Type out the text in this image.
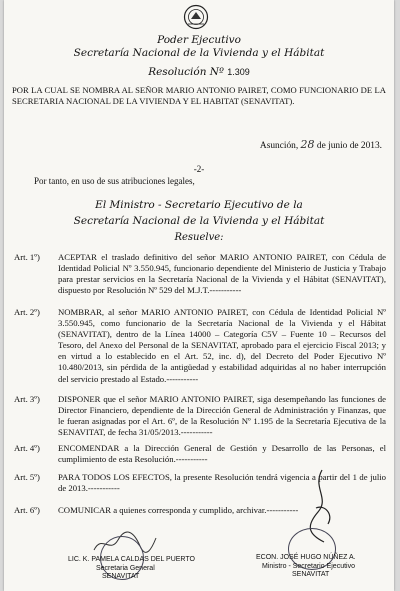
Poder Ejecutivo
Secretaría Nacional de la Vivienda y el Hábitat
Resolución Nº 1.309
POR LA CUAL SE NOMBRA AL SEÑOR MARIO ANTONIO PAIRET, COMO FUNCIONARIO DE LA SECRETARIA NACIONAL DE LA VIVIENDA Y EL HABITAT (SENAVITAT).
Asunción, 28 de junio de 2013.
-2-
Por tanto, en uso de sus atribuciones legales,
El Ministro - Secretario Ejecutivo de la
Secretaría Nacional de la Vivienda y el Hábitat
Resuelve:
Art. 1º)	ACEPTAR el traslado definitivo del señor MARIO ANTONIO PAIRET, con Cédula de Identidad Policial Nº 3.550.945, funcionario dependiente del Ministerio de Justicia y Trabajo para prestar servicios en la Secretaría Nacional de la Vivienda y el Hábitat (SENAVITAT), dispuesto por Resolución Nº 529 del M.J.T.-----------
Art. 2º)	NOMBRAR, al señor MARIO ANTONIO PAIRET, con Cédula de Identidad Policial Nº 3.550.945, como funcionario de la Secretaría Nacional de la Vivienda y el Hábitat (SENAVITAT), dentro de la Línea 14000 – Categoría C5V – Fuente 10 – Recursos del Tesoro, del Anexo del Personal de la SENAVITAT, aprobado para el ejercicio Fiscal 2013; y en virtud a lo establecido en el Art. 52, inc. d), del Decreto del Poder Ejecutivo Nº 10.480/2013, sin pérdida de la antigüedad y estabilidad adquiridas al no haber interrupción del servicio prestado al Estado.-----------
Art. 3º)	DISPONER que el señor MARIO ANTONIO PAIRET, siga desempeñando las funciones de Director Financiero, dependiente de la Dirección General de Administración y Finanzas, que le fueran asignadas por el Art. 6º, de la Resolución Nº 1.195 de la Secretaría Ejecutiva de la SENAVITAT, de fecha 31/05/2013.-----------
Art. 4º)	ENCOMENDAR a la Dirección General de Gestión y Desarrollo de las Personas, el cumplimiento de esta Resolución.-----------
Art. 5º)	PARA TODOS LOS EFECTOS, la presente Resolución tendrá vigencia a partir del 1 de julio de 2013.-----------
Art. 6º)	COMUNICAR a quienes corresponda y cumplido, archivar.-----------
LIC. K. PAMELA CALDAS DEL PUERTO
Secretaria General
SENAVITAT
ECON. JOSÉ HUGO NÚÑEZ A.
Ministro - Secretario Ejecutivo
SENAVITAT
